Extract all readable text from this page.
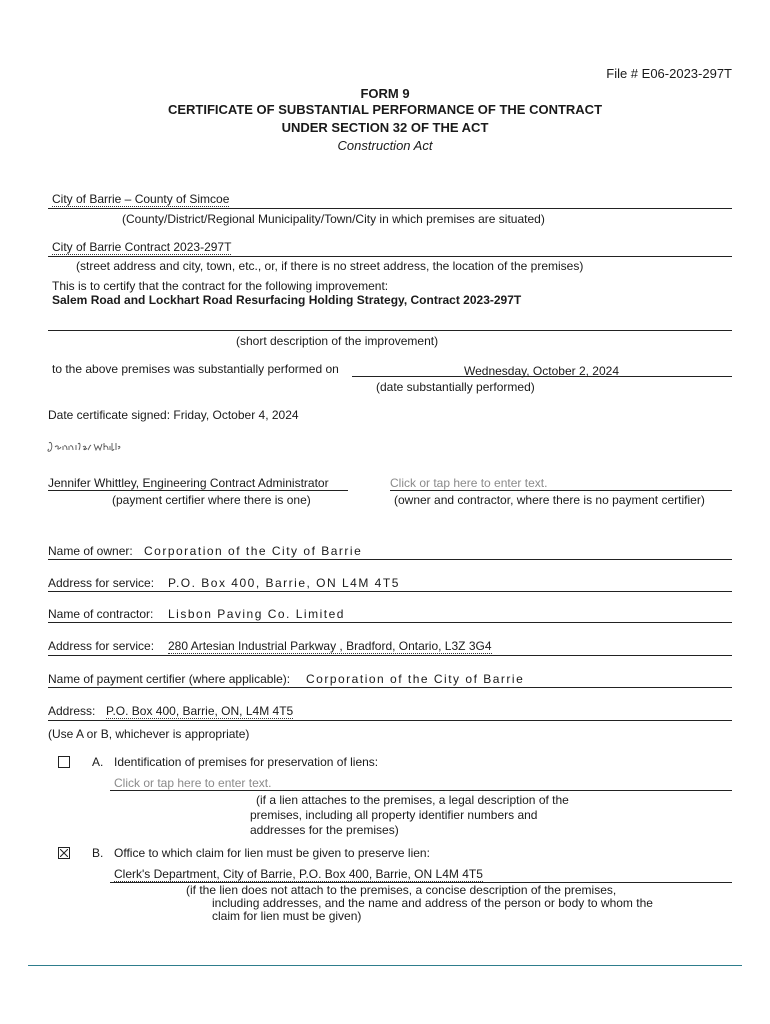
File # E06-2023-297T
FORM 9
CERTIFICATE OF SUBSTANTIAL PERFORMANCE OF THE CONTRACT
UNDER SECTION 32 OF THE ACT
Construction Act
City of Barrie – County of Simcoe
(County/District/Regional Municipality/Town/City in which premises are situated)
City of Barrie Contract 2023-297T
(street address and city, town, etc., or, if there is no street address, the location of the premises)
This is to certify that the contract for the following improvement:
Salem Road and Lockhart Road Resurfacing Holding Strategy, Contract 2023-297T
(short description of the improvement)
to the above premises was substantially performed on	Wednesday, October 2, 2024
(date substantially performed)
Date certificate signed: Friday, October 4, 2024
Jennifer Whittley, Engineering Contract Administrator
(payment certifier where there is one)
Click or tap here to enter text.
(owner and contractor, where there is no payment certifier)
Name of owner: Corporation of the City of Barrie
Address for service: P.O. Box 400, Barrie, ON L4M 4T5
Name of contractor: Lisbon Paving Co. Limited
Address for service: 280 Artesian Industrial Parkway , Bradford, Ontario, L3Z 3G4
Name of payment certifier (where applicable): Corporation of the City of Barrie
Address: P.O. Box 400, Barrie, ON, L4M 4T5
(Use A or B, whichever is appropriate)
A. Identification of premises for preservation of liens:
Click or tap here to enter text.
(if a lien attaches to the premises, a legal description of the
premises, including all property identifier numbers and
addresses for the premises)
B. Office to which claim for lien must be given to preserve lien:
Clerk's Department, City of Barrie, P.O. Box 400, Barrie, ON L4M 4T5
(if the lien does not attach to the premises, a concise description of the premises,
including addresses, and the name and address of the person or body to whom the
claim for lien must be given)
